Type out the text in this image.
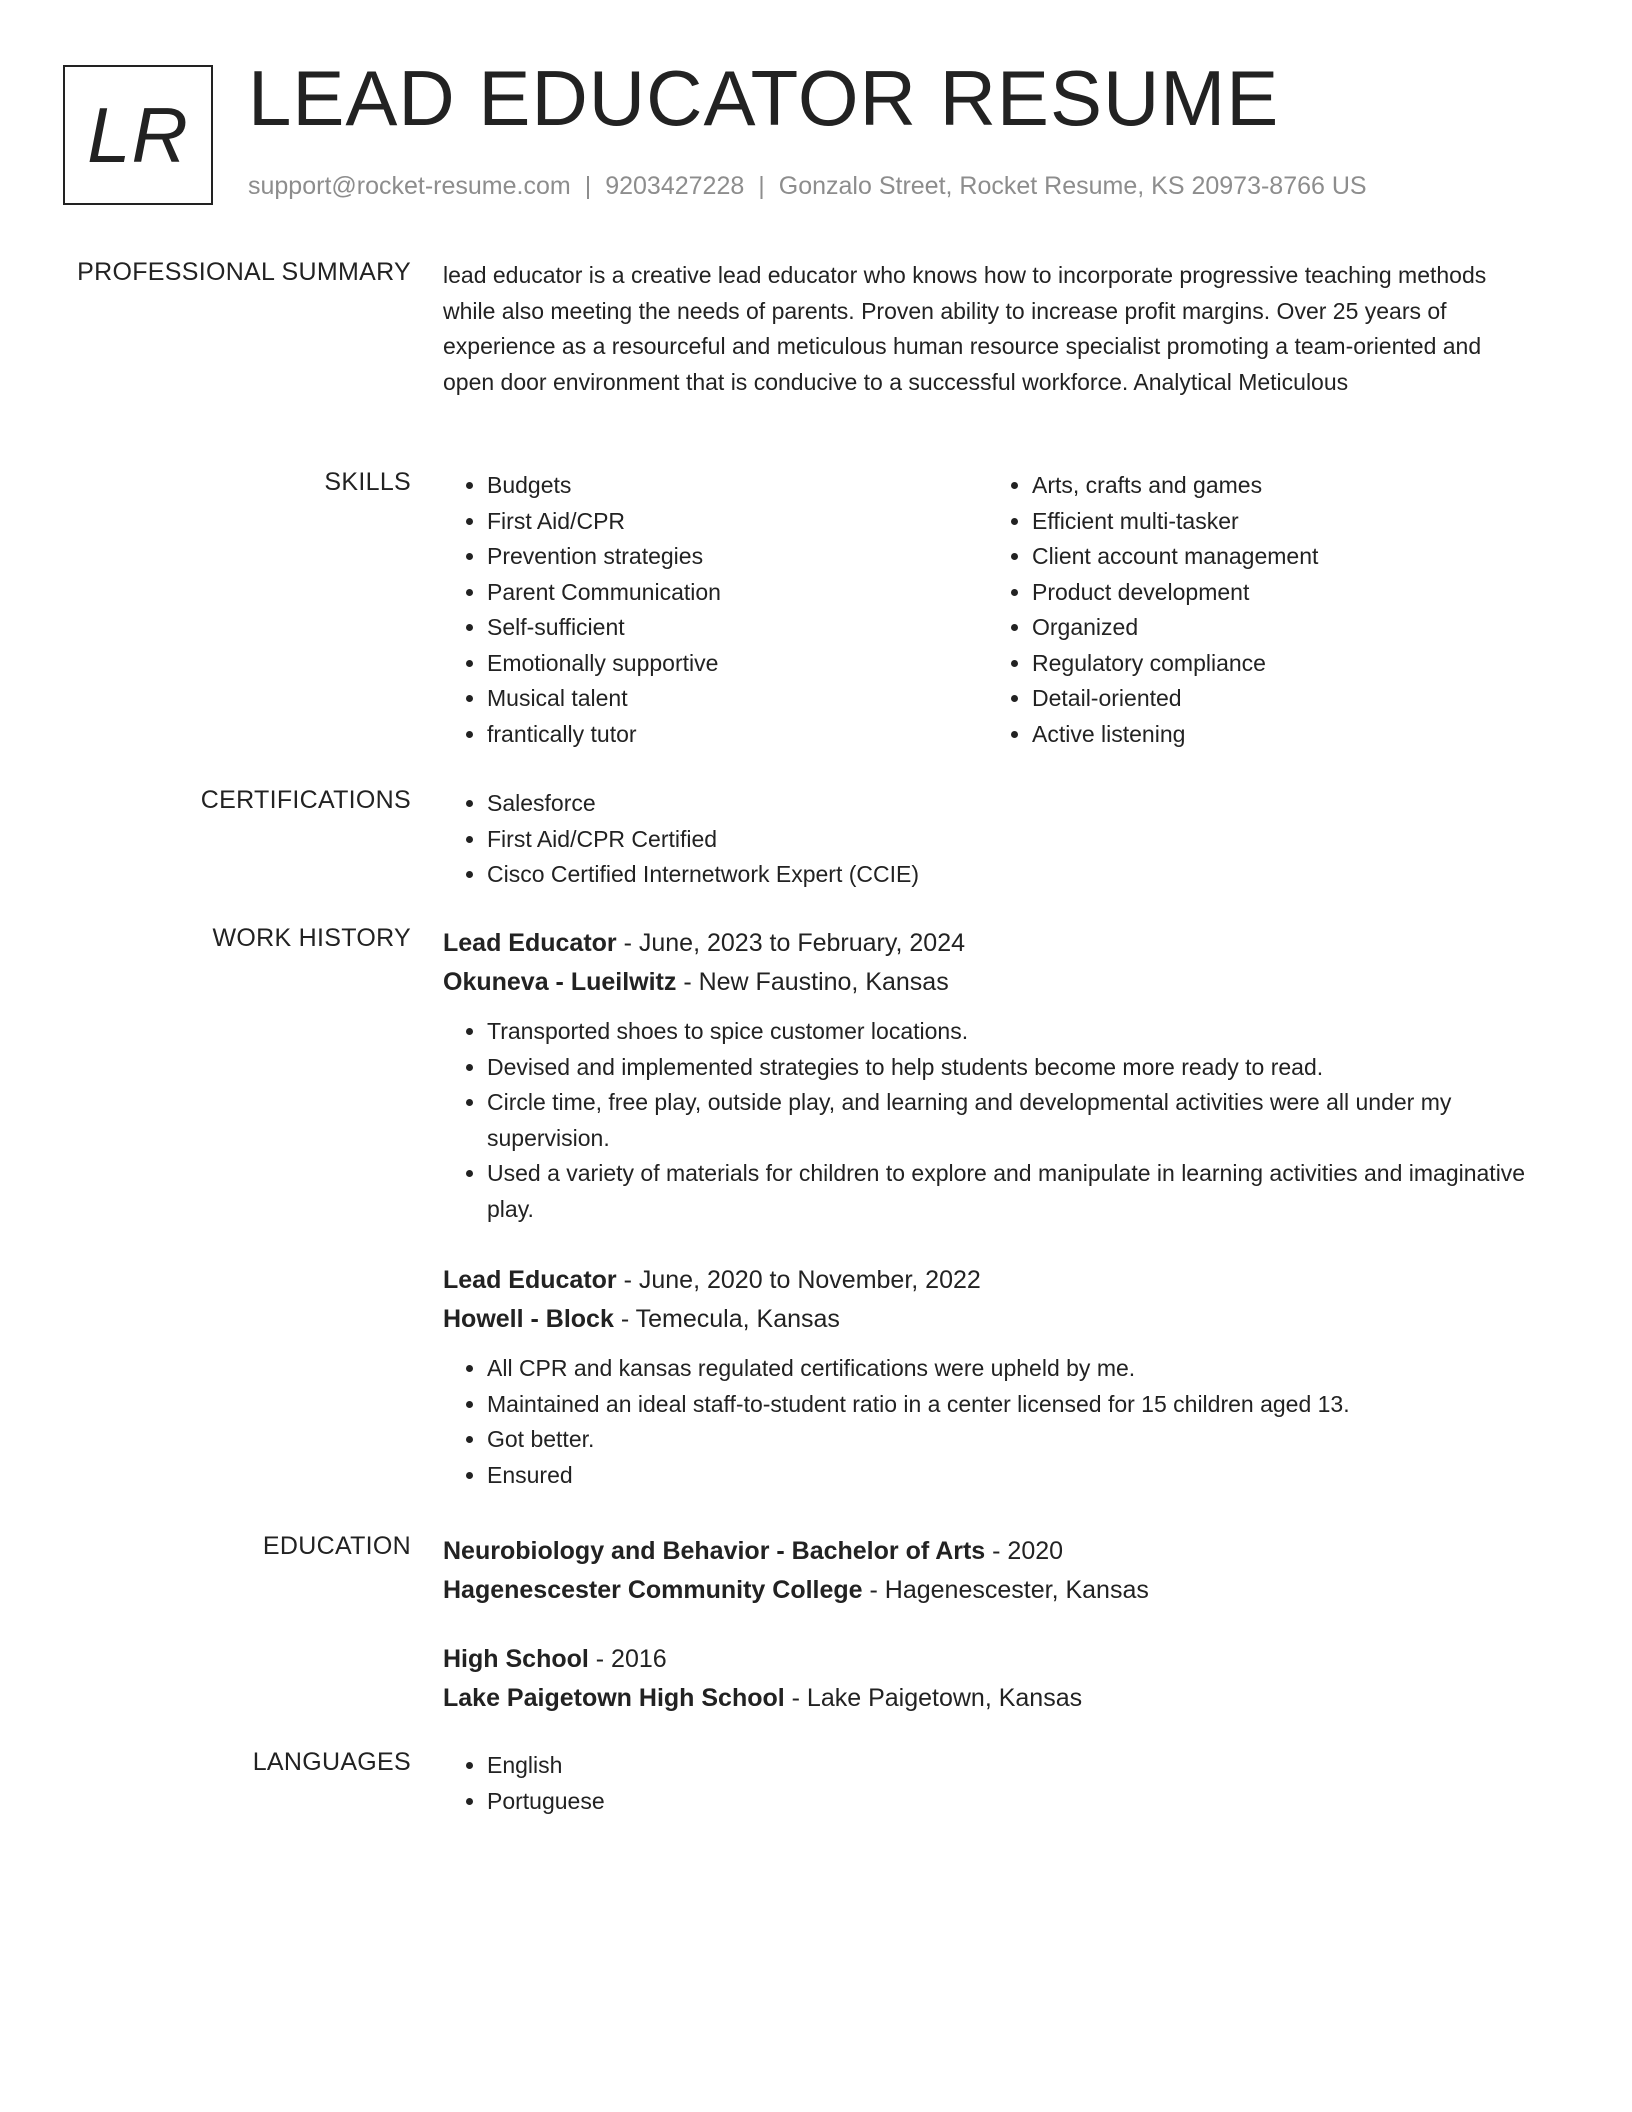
LR LEAD EDUCATOR RESUME
support@rocket-resume.com | 9203427228 | Gonzalo Street, Rocket Resume, KS 20973-8766 US
PROFESSIONAL SUMMARY lead educator is a creative lead educator who knows how to incorporate progressive teaching methods while also meeting the needs of parents. Proven ability to increase profit margins. Over 25 years of experience as a resourceful and meticulous human resource specialist promoting a team-oriented and open door environment that is conducive to a successful workforce. Analytical Meticulous

SKILLS	• Budgets
• First Aid/CPR
• Prevention strategies
• Parent Communication
• Self-sufficient
• Emotionally supportive
• Musical talent
• frantically tutor
• Arts, crafts and games
• Efficient multi-tasker
• Client account management
• Product development
• Organized
• Regulatory compliance
• Detail-oriented
• Active listening
CERTIFICATIONS	• Salesforce
• First Aid/CPR Certified
• Cisco Certified Internetwork Expert (CCIE)
WORK HISTORY Lead Educator - June, 2023 to February, 2024
Okuneva - Lueilwitz - New Faustino, Kansas
• Transported shoes to spice customer locations.
• Devised and implemented strategies to help students become more ready to read.
• Circle time, free play, outside play, and learning and developmental activities were all under my supervision.
• Used a variety of materials for children to explore and manipulate in learning activities and imaginative play.
Lead Educator - June, 2020 to November, 2022
Howell - Block - Temecula, Kansas
• All CPR and kansas regulated certifications were upheld by me.
• Maintained an ideal staff-to-student ratio in a center licensed for 15 children aged 13.
• Got better.
• Ensured
EDUCATION Neurobiology and Behavior - Bachelor of Arts - 2020
Hagenescester Community College - Hagenescester, Kansas
High School - 2016
Lake Paigetown High School - Lake Paigetown, Kansas
LANGUAGES	• English
• Portuguese
